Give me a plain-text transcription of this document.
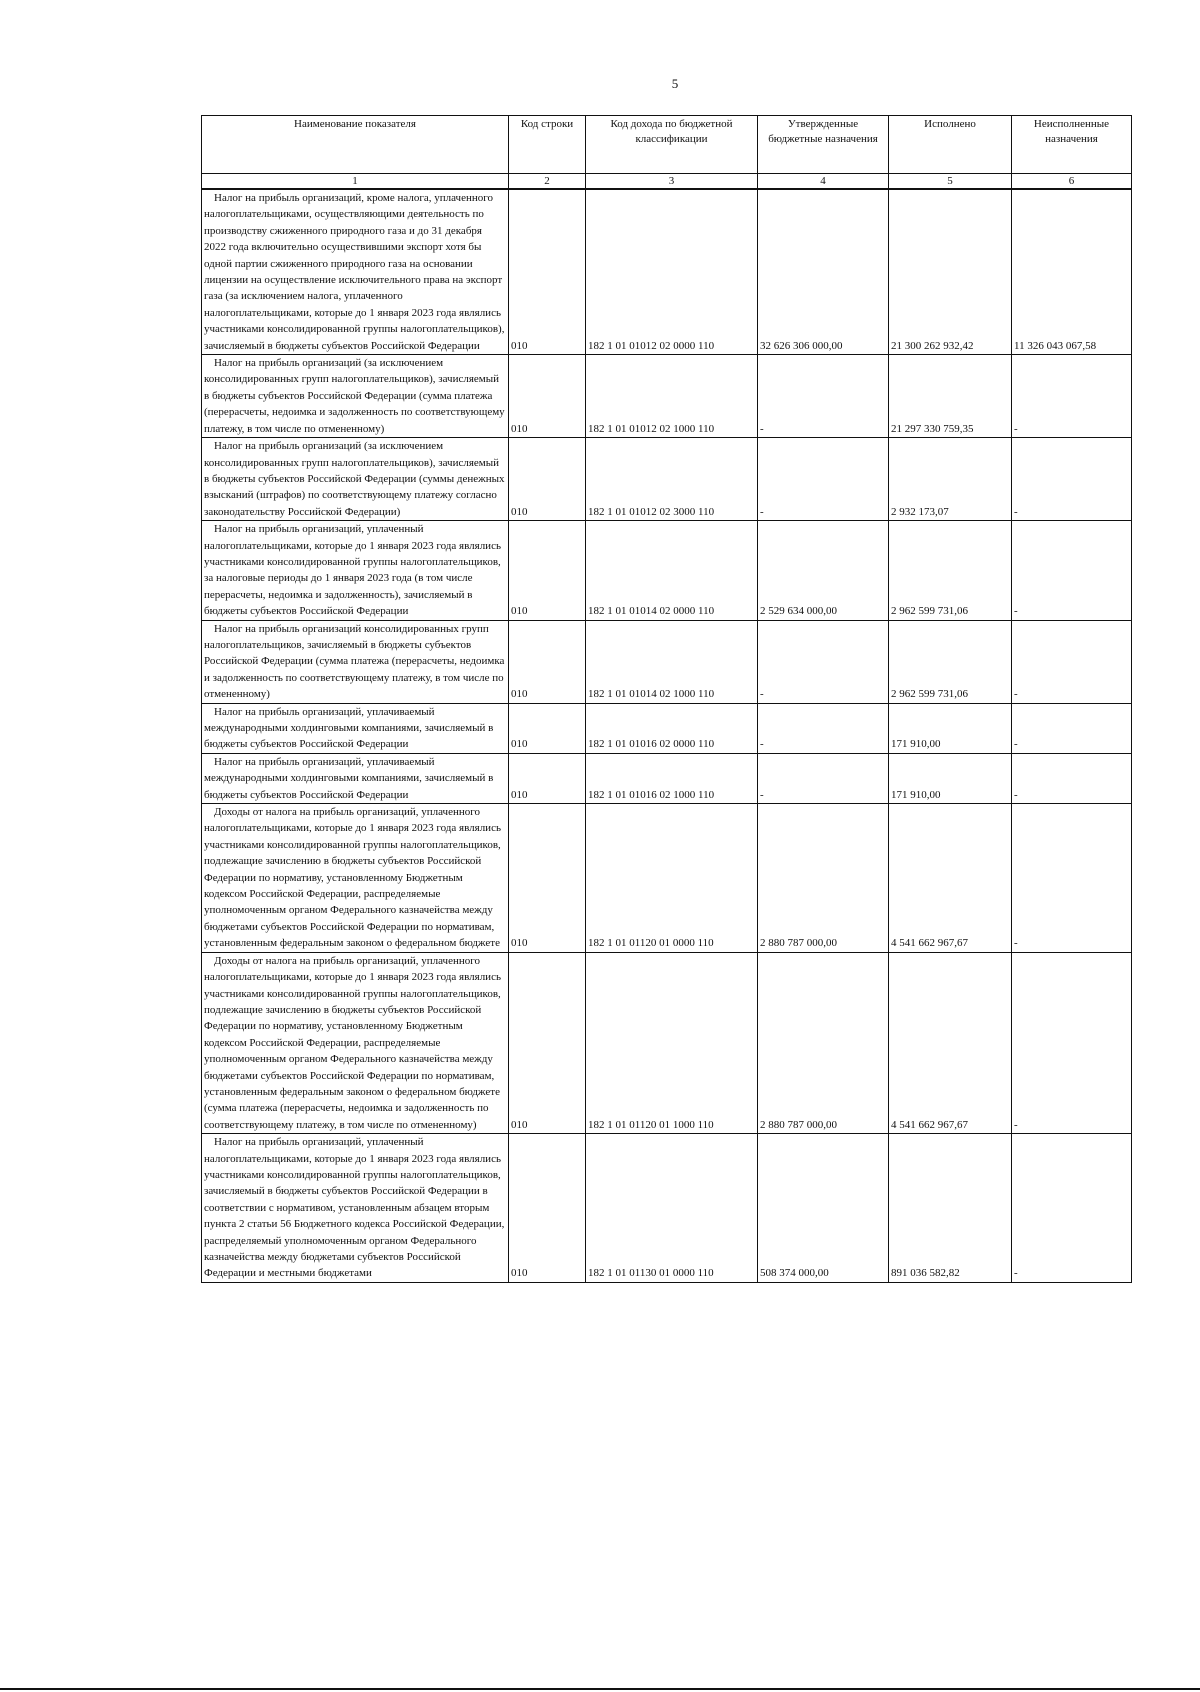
5
Наименование показателя	Код строки	Код дохода по бюджетной классификации	Утвержденные бюджетные назначения	Исполнено	Неисполненные назначения
1	2	3	4	5	6
Налог на прибыль организаций, кроме налога, уплаченного налогоплательщиками, осуществляющими деятельность по производству сжиженного природного газа и до 31 декабря 2022 года включительно осуществившими экспорт хотя бы одной партии сжиженного природного газа на основании лицензии на осуществление исключительного права на экспорт газа (за исключением налога, уплаченного налогоплательщиками, которые до 1 января 2023 года являлись участниками консолидированной группы налогоплательщиков), зачисляемый в бюджеты субъектов Российской Федерации	010	182 1 01 01012 02 0000 110	32 626 306 000,00	21 300 262 932,42	11 326 043 067,58
Налог на прибыль организаций (за исключением консолидированных групп налогоплательщиков), зачисляемый в бюджеты субъектов Российской Федерации (сумма платежа (перерасчеты, недоимка и задолженность по соответствующему платежу, в том числе по отмененному)	010	182 1 01 01012 02 1000 110	-	21 297 330 759,35	-
Налог на прибыль организаций (за исключением консолидированных групп налогоплательщиков), зачисляемый в бюджеты субъектов Российской Федерации (суммы денежных взысканий (штрафов) по соответствующему платежу согласно законодательству Российской Федерации)	010	182 1 01 01012 02 3000 110	-	2 932 173,07	-
Налог на прибыль организаций, уплаченный налогоплательщиками, которые до 1 января 2023 года являлись участниками консолидированной группы налогоплательщиков, за налоговые периоды до 1 января 2023 года (в том числе перерасчеты, недоимка и задолженность), зачисляемый в бюджеты субъектов Российской Федерации	010	182 1 01 01014 02 0000 110	2 529 634 000,00	2 962 599 731,06	-
Налог на прибыль организаций консолидированных групп налогоплательщиков, зачисляемый в бюджеты субъектов Российской Федерации (сумма платежа (перерасчеты, недоимка и задолженность по соответствующему платежу, в том числе по отмененному)	010	182 1 01 01014 02 1000 110	-	2 962 599 731,06	-
Налог на прибыль организаций, уплачиваемый международными холдинговыми компаниями, зачисляемый в бюджеты субъектов Российской Федерации	010	182 1 01 01016 02 0000 110	-	171 910,00	-
Налог на прибыль организаций, уплачиваемый международными холдинговыми компаниями, зачисляемый в бюджеты субъектов Российской Федерации	010	182 1 01 01016 02 1000 110	-	171 910,00	-
Доходы от налога на прибыль организаций, уплаченного налогоплательщиками, которые до 1 января 2023 года являлись участниками консолидированной группы налогоплательщиков, подлежащие зачислению в бюджеты субъектов Российской Федерации по нормативу, установленному Бюджетным кодексом Российской Федерации, распределяемые уполномоченным органом Федерального казначейства между бюджетами субъектов Российской Федерации по нормативам, установленным федеральным законом о федеральном бюджете	010	182 1 01 01120 01 0000 110	2 880 787 000,00	4 541 662 967,67	-
Доходы от налога на прибыль организаций, уплаченного налогоплательщиками, которые до 1 января 2023 года являлись участниками консолидированной группы налогоплательщиков, подлежащие зачислению в бюджеты субъектов Российской Федерации по нормативу, установленному Бюджетным кодексом Российской Федерации, распределяемые уполномоченным органом Федерального казначейства между бюджетами субъектов Российской Федерации по нормативам, установленным федеральным законом о федеральном бюджете (сумма платежа (перерасчеты, недоимка и задолженность по соответствующему платежу, в том числе по отмененному)	010	182 1 01 01120 01 1000 110	2 880 787 000,00	4 541 662 967,67	-
Налог на прибыль организаций, уплаченный налогоплательщиками, которые до 1 января 2023 года являлись участниками консолидированной группы налогоплательщиков, зачисляемый в бюджеты субъектов Российской Федерации в соответствии с нормативом, установленным абзацем вторым пункта 2 статьи 56 Бюджетного кодекса Российской Федерации, распределяемый уполномоченным органом Федерального казначейства между бюджетами субъектов Российской Федерации и местными бюджетами	010	182 1 01 01130 01 0000 110	508 374 000,00	891 036 582,82	-
